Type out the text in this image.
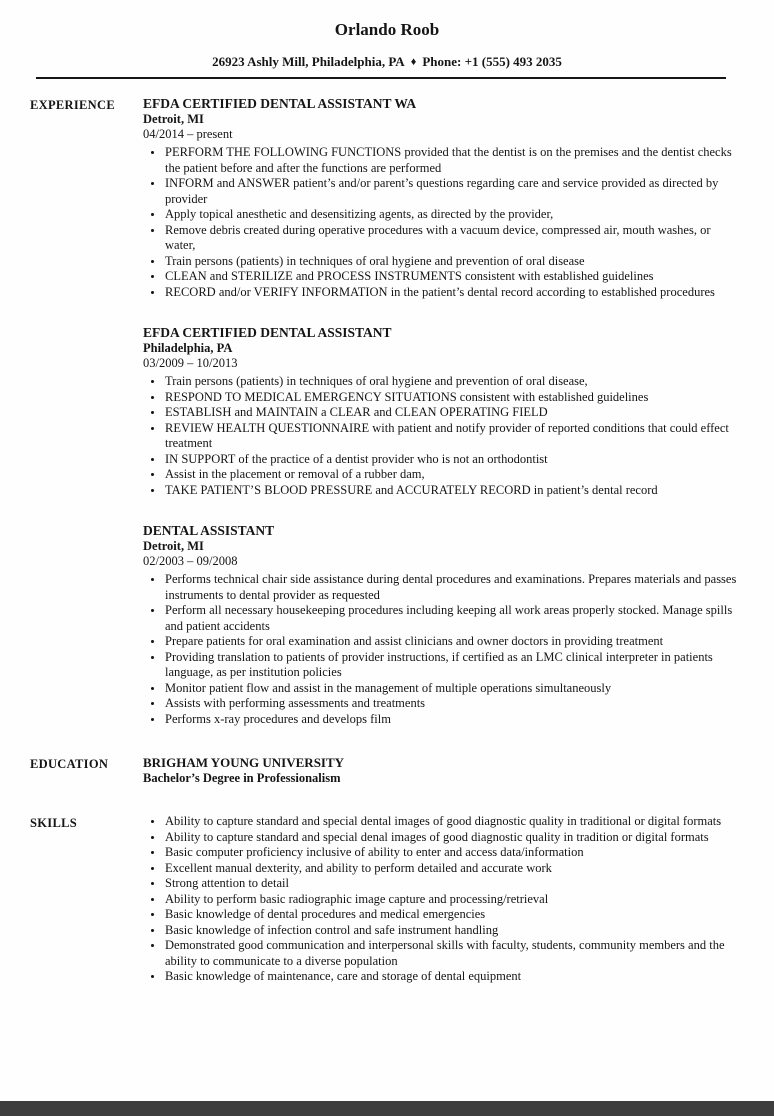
Orlando Roob
26923 Ashly Mill, Philadelphia, PA ♦ Phone: +1 (555) 493 2035
EXPERIENCE	EFDA CERTIFIED DENTAL ASSISTANT WA
Detroit, MI
04/2014 – present
• PERFORM THE FOLLOWING FUNCTIONS provided that the dentist is on the premises and the dentist checks the patient before and after the functions are performed
• INFORM and ANSWER patient’s and/or parent’s questions regarding care and service provided as directed by provider
• Apply topical anesthetic and desensitizing agents, as directed by the provider,
• Remove debris created during operative procedures with a vacuum device, compressed air, mouth washes, or water,
• Train persons (patients) in techniques of oral hygiene and prevention of oral disease
• CLEAN and STERILIZE and PROCESS INSTRUMENTS consistent with established guidelines
• RECORD and/or VERIFY INFORMATION in the patient’s dental record according to established procedures
EFDA CERTIFIED DENTAL ASSISTANT
Philadelphia, PA
03/2009 – 10/2013
• Train persons (patients) in techniques of oral hygiene and prevention of oral disease,
• RESPOND TO MEDICAL EMERGENCY SITUATIONS consistent with established guidelines
• ESTABLISH and MAINTAIN a CLEAR and CLEAN OPERATING FIELD
• REVIEW HEALTH QUESTIONNAIRE with patient and notify provider of reported conditions that could effect treatment
• IN SUPPORT of the practice of a dentist provider who is not an orthodontist
• Assist in the placement or removal of a rubber dam,
• TAKE PATIENT’S BLOOD PRESSURE and ACCURATELY RECORD in patient’s dental record
DENTAL ASSISTANT
Detroit, MI
02/2003 – 09/2008
• Performs technical chair side assistance during dental procedures and examinations. Prepares materials and passes instruments to dental provider as requested
• Perform all necessary housekeeping procedures including keeping all work areas properly stocked. Manage spills and patient accidents
• Prepare patients for oral examination and assist clinicians and owner doctors in providing treatment
• Providing translation to patients of provider instructions, if certified as an LMC clinical interpreter in patients language, as per institution policies
• Monitor patient flow and assist in the management of multiple operations simultaneously
• Assists with performing assessments and treatments
• Performs x-ray procedures and develops film
EDUCATION	BRIGHAM YOUNG UNIVERSITY
Bachelor’s Degree in Professionalism
SKILLS	• Ability to capture standard and special dental images of good diagnostic quality in traditional or digital formats
• Ability to capture standard and special denal images of good diagnostic quality in tradition or digital formats
• Basic computer proficiency inclusive of ability to enter and access data/information
• Excellent manual dexterity, and ability to perform detailed and accurate work
• Strong attention to detail
• Ability to perform basic radiographic image capture and processing/retrieval
• Basic knowledge of dental procedures and medical emergencies
• Basic knowledge of infection control and safe instrument handling
• Demonstrated good communication and interpersonal skills with faculty, students, community members and the ability to communicate to a diverse population
• Basic knowledge of maintenance, care and storage of dental equipment
